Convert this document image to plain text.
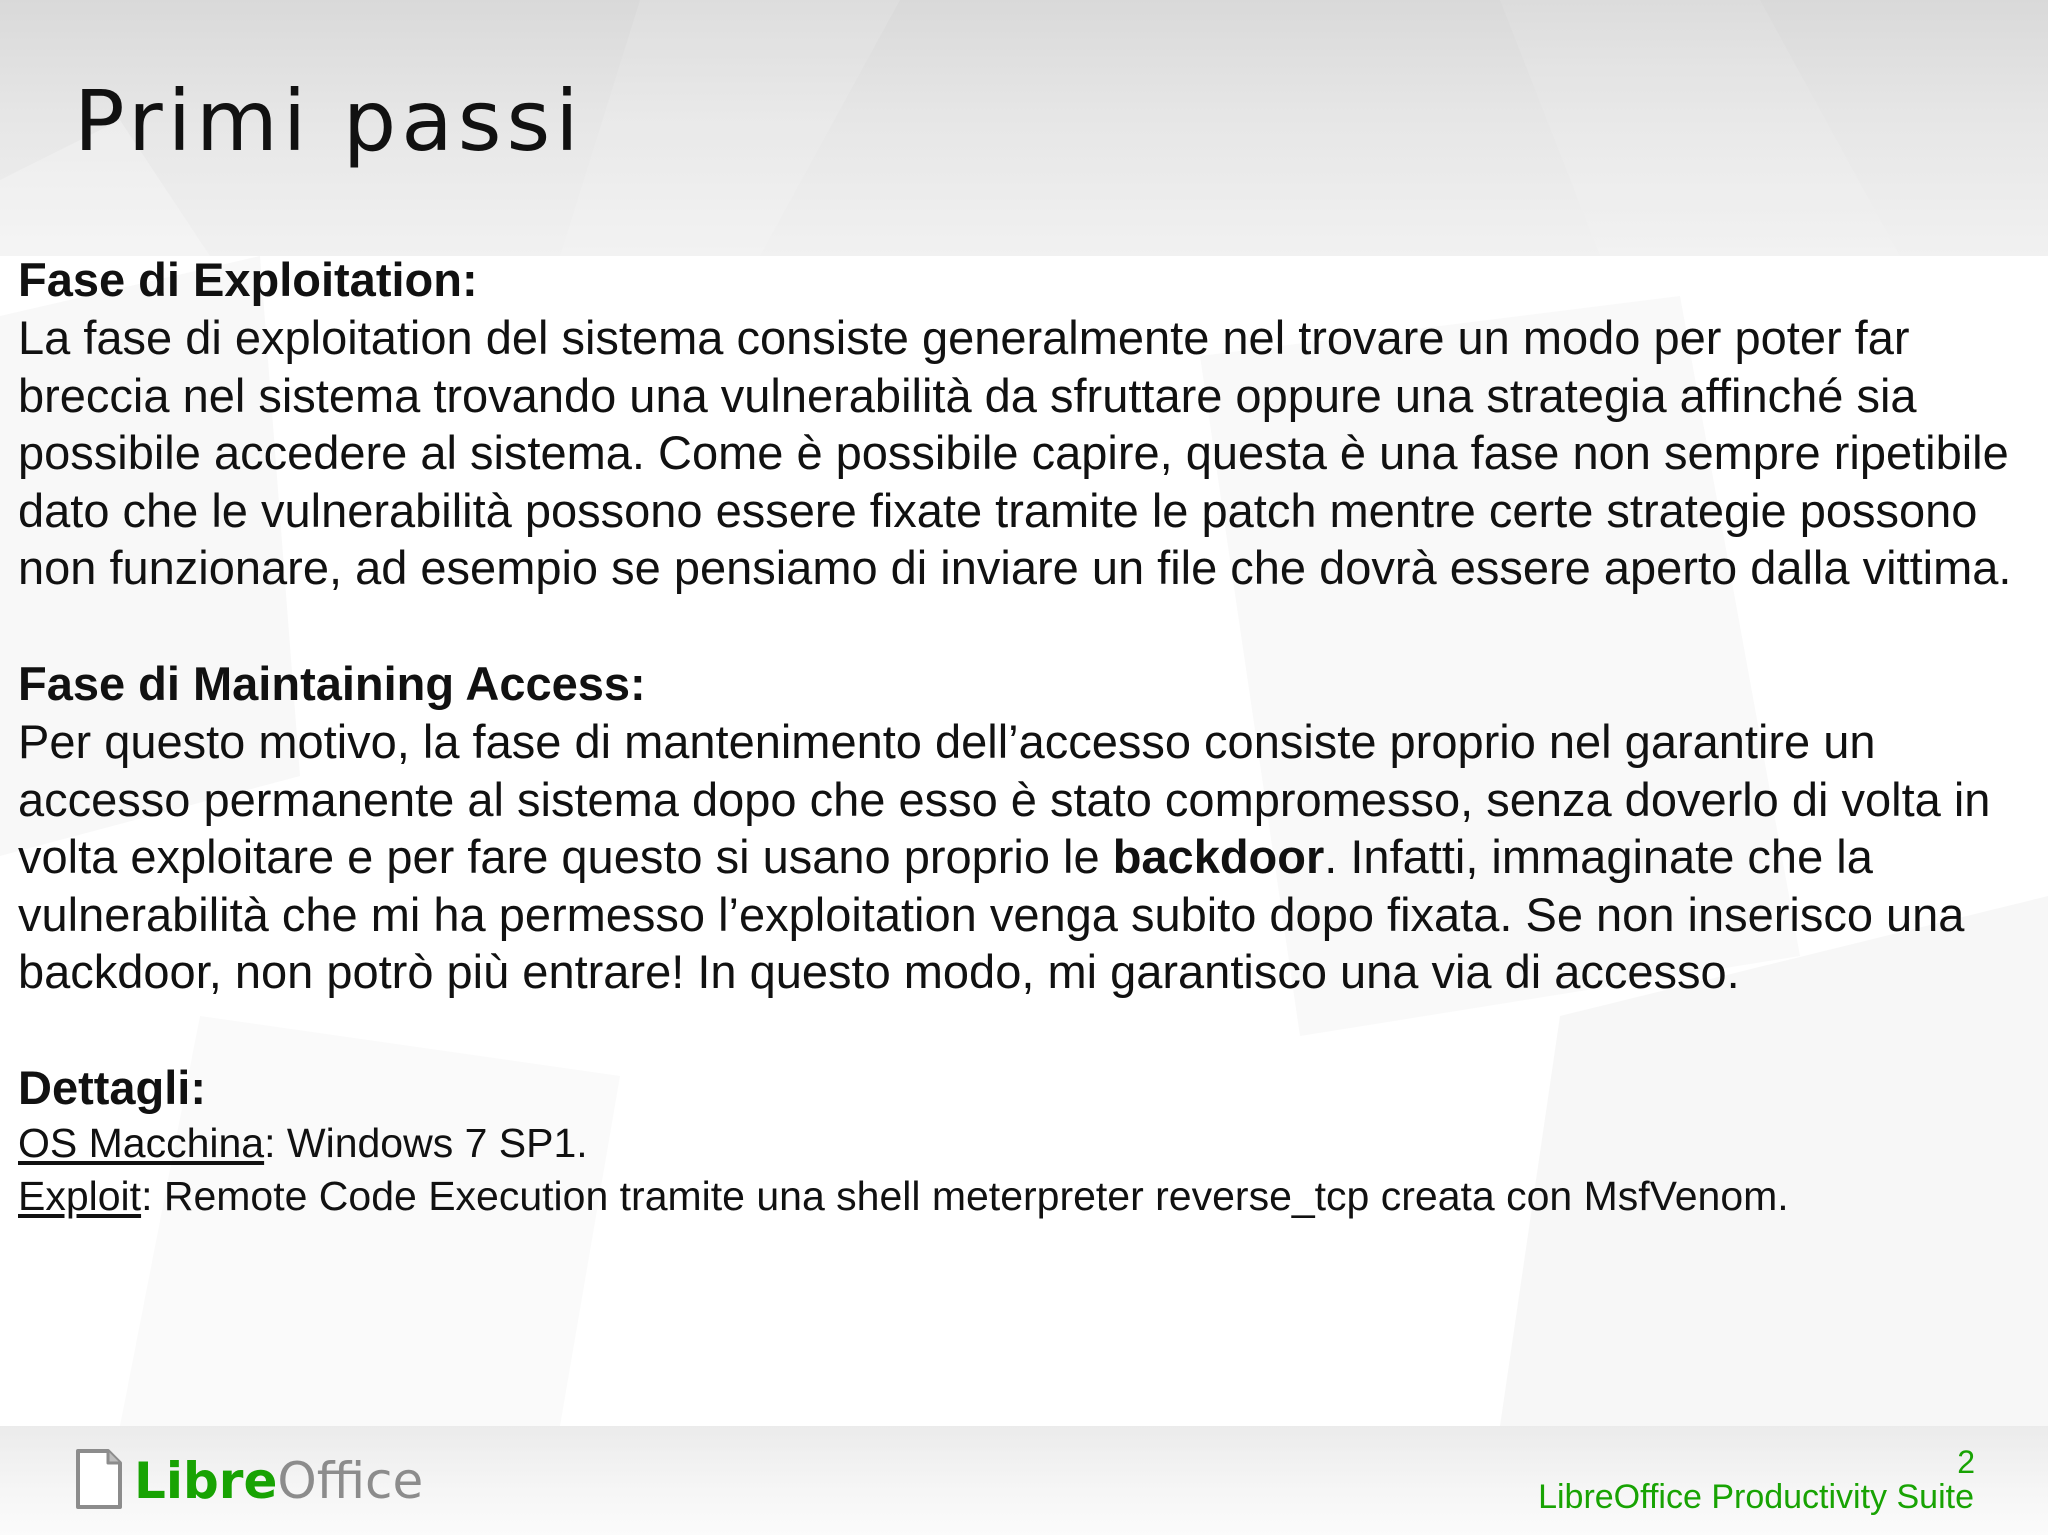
Primi passi

Fase di Exploitation:

La fase di exploitation del sistema consiste generalmente nel trovare un modo per poter far breccia nel sistema trovando una vulnerabilità da sfruttare oppure una strategia affinché sia possibile accedere al sistema. Come è possibile capire, questa è una fase non sempre ripetibile dato che le vulnerabilità possono essere fixate tramite le patch mentre certe strategie possono non funzionare, ad esempio se pensiamo di inviare un file che dovrà essere aperto dalla vittima.

Fase di Maintaining Access:

Per questo motivo, la fase di mantenimento dell’accesso consiste proprio nel garantire un accesso permanente al sistema dopo che esso è stato compromesso, senza doverlo di volta in volta exploitare e per fare questo si usano proprio le backdoor. Infatti, immaginate che la vulnerabilità che mi ha permesso l’exploitation venga subito dopo fixata. Se non inserisco una backdoor, non potrò più entrare! In questo modo, mi garantisco una via di accesso.

Dettagli:

OS Macchina: Windows 7 SP1.

Exploit: Remote Code Execution tramite una shell meterpreter reverse_tcp creata con MsfVenom.

LibreOffice	2
LibreOffice Productivity Suite
